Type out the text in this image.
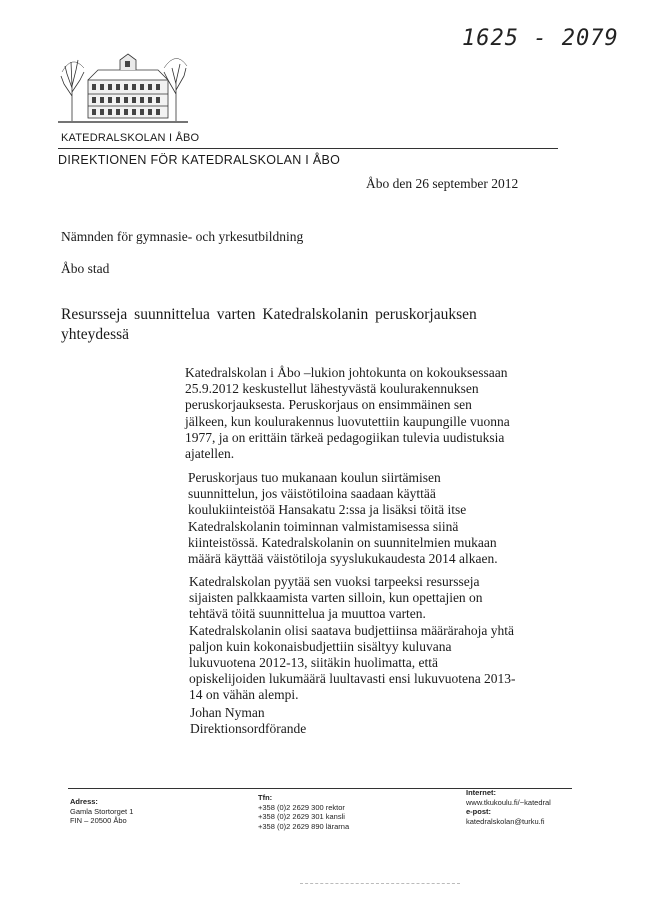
1625 - 2079
KATEDRALSKOLAN I ÅBO
DIREKTIONEN FÖR KATEDRALSKOLAN I ÅBO
Åbo den 26 september 2012
Nämnden för gymnasie- och yrkesutbildning
Åbo stad
Resursseja suunnittelua varten Katedralskolanin peruskorjauksen
yhteydessä
Katedralskolan i Åbo –lukion johtokunta on kokouksessaan
25.9.2012 keskustellut lähestyvästä koulurakennuksen
peruskorjauksesta. Peruskorjaus on ensimmäinen sen
jälkeen, kun koulurakennus luovutettiin kaupungille vuonna
1977, ja on erittäin tärkeä pedagogiikan tulevia uudistuksia
ajatellen.
Peruskorjaus tuo mukanaan koulun siirtämisen
suunnittelun, jos väistötiloina saadaan käyttää
koulukiinteistöä Hansakatu 2:ssa ja lisäksi töitä itse
Katedralskolanin toiminnan valmistamisessa siinä
kiinteistössä. Katedralskolanin on suunnitelmien mukaan
määrä käyttää väistötiloja syyslukukaudesta 2014 alkaen.
Katedralskolan pyytää sen vuoksi tarpeeksi resursseja
sijaisten palkkaamista varten silloin, kun opettajien on
tehtävä töitä suunnittelua ja muuttoa varten.
Katedralskolanin olisi saatava budjettiinsa määrärahoja yhtä
paljon kuin kokonaisbudjettiin sisältyy kuluvana
lukuvuotena 2012-13, siitäkin huolimatta, että
opiskelijoiden lukumäärä luultavasti ensi lukuvuotena 2013-
14 on vähän alempi.
Johan Nyman
Direktionsordförande
Adress:
Gamla Stortorget 1
FIN – 20500 Åbo
Tfn:
+358 (0)2 2629 300 rektor
+358 (0)2 2629 301 kansli
+358 (0)2 2629 890 lärarna
Internet:
www.tkukoulu.fi/~katedral
e-post:
katedralskolan@turku.fi
